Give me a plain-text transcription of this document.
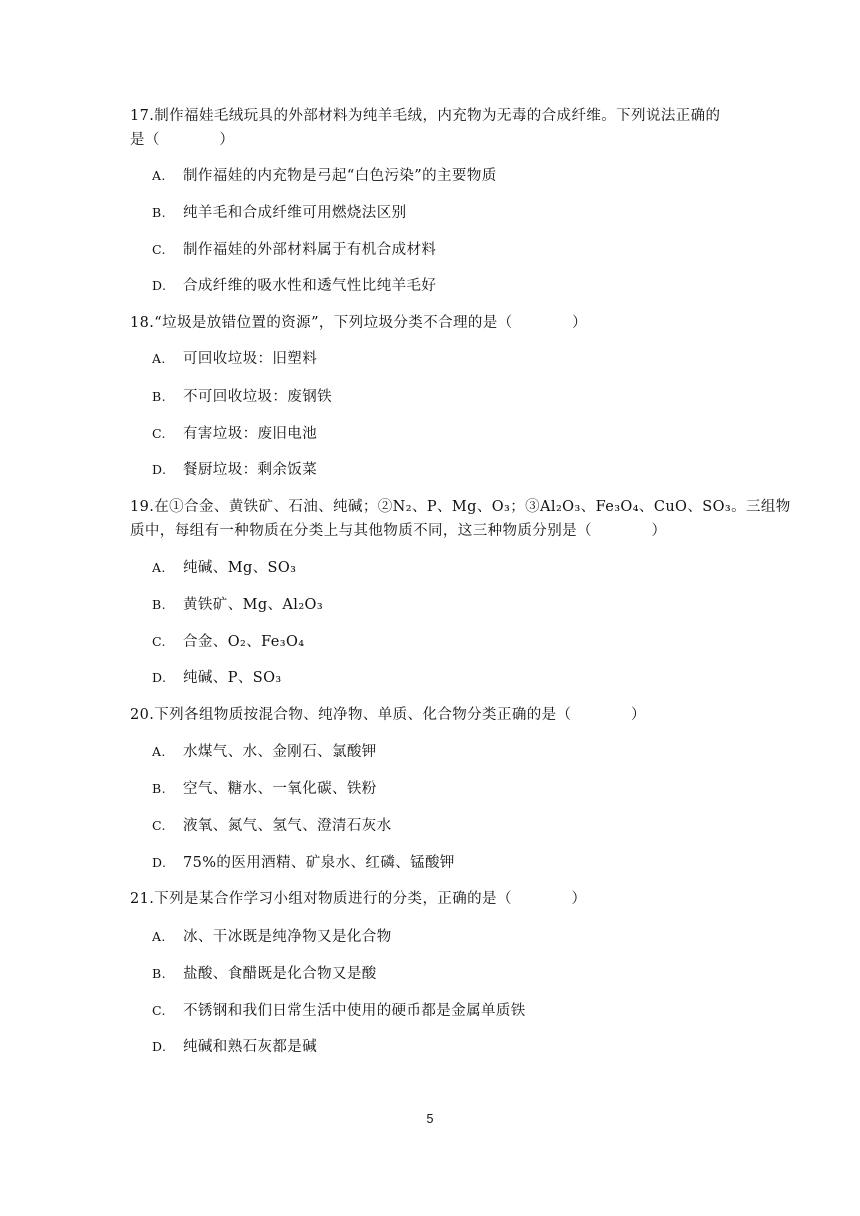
17.制作福娃毛绒玩具的外部材料为纯羊毛绒，内充物为无毒的合成纤维。下列说法正确的
是（　　　　）
A.	制作福娃的内充物是弓起“白色污染”的主要物质
B.	纯羊毛和合成纤维可用燃烧法区别
C.	制作福娃的外部材料属于有机合成材料
D.	合成纤维的吸水性和透气性比纯羊毛好
18.“垃圾是放错位置的资源”，下列垃圾分类不合理的是（　　　　）
A.	可回收垃圾：旧塑料
B.	不可回收垃圾：废钢铁
C.	有害垃圾：废旧电池
D.	餐厨垃圾：剩余饭菜
19.在①合金、黄铁矿、石油、纯碱；②N₂、P、Mg、O₃；③Al₂O₃、Fe₃O₄、CuO、SO₃。三组物
质中，每组有一种物质在分类上与其他物质不同，这三种物质分别是（　　　　）
A.	纯碱、Mg、SO₃
B.	黄铁矿、Mg、Al₂O₃
C.	合金、O₂、Fe₃O₄
D.	纯碱、P、SO₃
20.下列各组物质按混合物、纯净物、单质、化合物分类正确的是（　　　　）
A.	水煤气、水、金刚石、氯酸钾
B.	空气、糖水、一氧化碳、铁粉
C.	液氧、氮气、氢气、澄清石灰水
D.	75%的医用酒精、矿泉水、红磷、锰酸钾
21.下列是某合作学习小组对物质进行的分类，正确的是（　　　　）
A.	冰、干冰既是纯净物又是化合物
B.	盐酸、食醋既是化合物又是酸
C.	不锈钢和我们日常生活中使用的硬币都是金属单质铁
D.	纯碱和熟石灰都是碱
5
